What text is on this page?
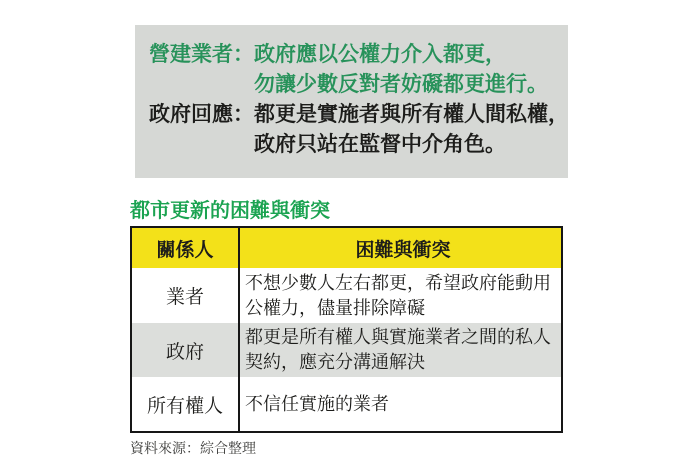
營建業者： 政府應以公權力介入都更，
勿讓少數反對者妨礙都更進行。
政府回應： 都更是實施者與所有權人間私權，
政府只站在監督中介角色。
都市更新的困難與衝突
關係人	困難與衝突
業者
不想少數人左右都更，希望政府能動用
公權力，儘量排除障礙
政府
都更是所有權人與實施業者之間的私人
契約，應充分溝通解決
所有權人 不信任實施的業者
資料來源：綜合整理
